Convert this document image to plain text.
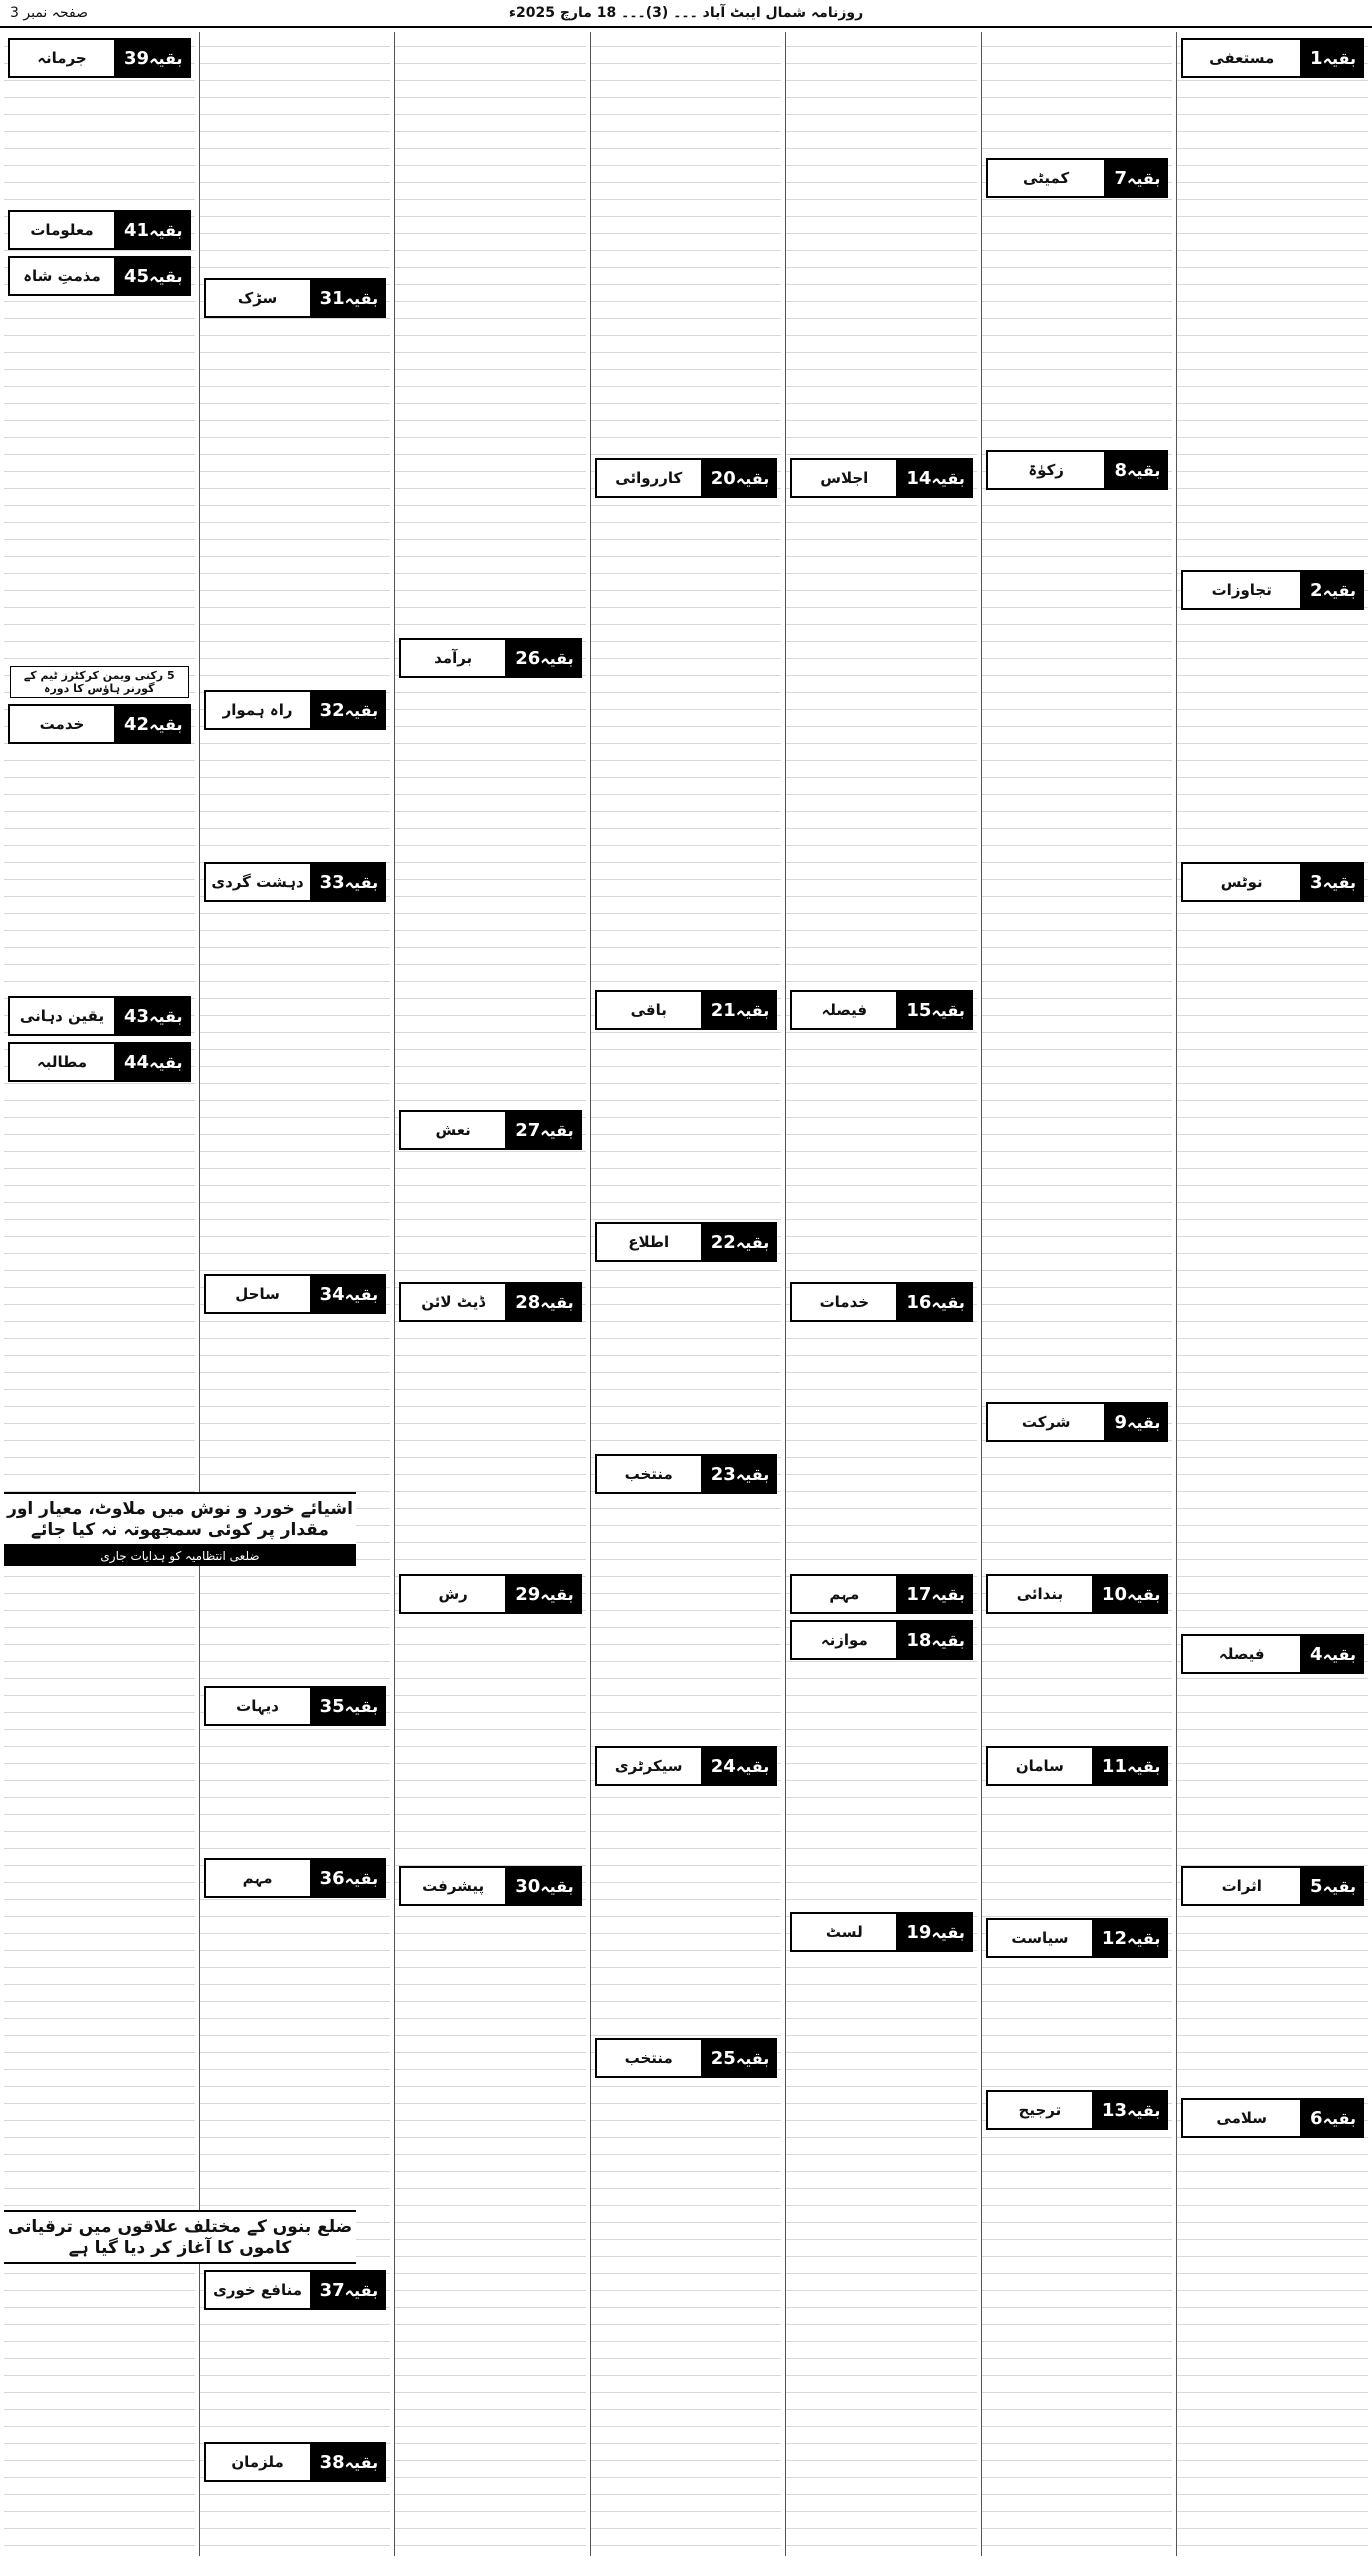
صفحہ نمبر 3	روزنامہ شمال ایبٹ آباد ۔۔۔ (3)۔۔۔ 18 مارچ 2025ء
بقیہ
1
مستعفی
بقیہ
2
تجاوزات
بقیہ
3
نوٹس
بقیہ
4
فیصلہ
بقیہ
5
اثرات
بقیہ
6
سلامی
بقیہ
7
کمیٹی
بقیہ
8
زکوٰۃ
بقیہ
9
شرکت
بقیہ
10
بندائی
بقیہ
11
سامان
بقیہ
12
سیاست
بقیہ
13
ترجیح
بقیہ
14
اجلاس
بقیہ
15
فیصلہ
بقیہ
16
خدمات
بقیہ
17
مہم
بقیہ
18
موازنہ
بقیہ
19
لسٹ
بقیہ
20
کارروائی
بقیہ
21
باقی
بقیہ
22
اطلاع
بقیہ
23
منتخب
بقیہ
24
سیکرٹری
بقیہ
25
منتخب
بقیہ
26
برآمد
بقیہ
27
نعش
بقیہ
28
ڈیٹ لائن
بقیہ
29
رش
بقیہ
30
پیشرفت
بقیہ
31
سڑک
بقیہ
32
راہ ہموار
بقیہ
33
دہشت گردی
بقیہ
34
ساحل
بقیہ
35
دیہات
بقیہ
36
مہم
بقیہ
37
منافع خوری
بقیہ
38
ملزمان
بقیہ
39
جرمانہ
بقیہ
41
معلومات
بقیہ
45
مذمتِ شاہ
5 رکنی ویمن کرکٹرز ٹیم کے گورنر ہاؤس کا دورہ
بقیہ
42
خدمت
بقیہ
43
یقین دہانی
بقیہ
44
مطالبہ
اشیائے خورد و نوش میں ملاوٹ، معیار اور مقدار پر کوئی سمجھوتہ نہ کیا جائے
ضلعی انتظامیہ کو ہدایات جاری
ضلع بنوں کے مختلف علاقوں میں ترقیاتی کاموں کا آغاز کر دیا گیا ہے
